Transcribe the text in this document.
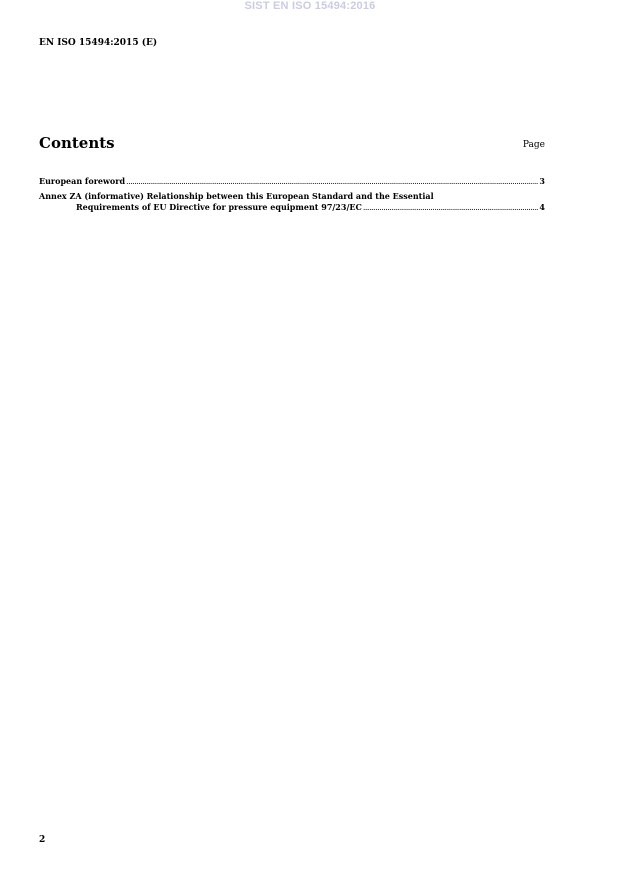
SIST EN ISO 15494:2016
EN ISO 15494:2015 (E)
Contents	Page
European foreword .....	3
Annex ZA (informative) Relationship between this European Standard and the Essential
Requirements of EU Directive for pressure equipment 97/23/EC .....	4
2
